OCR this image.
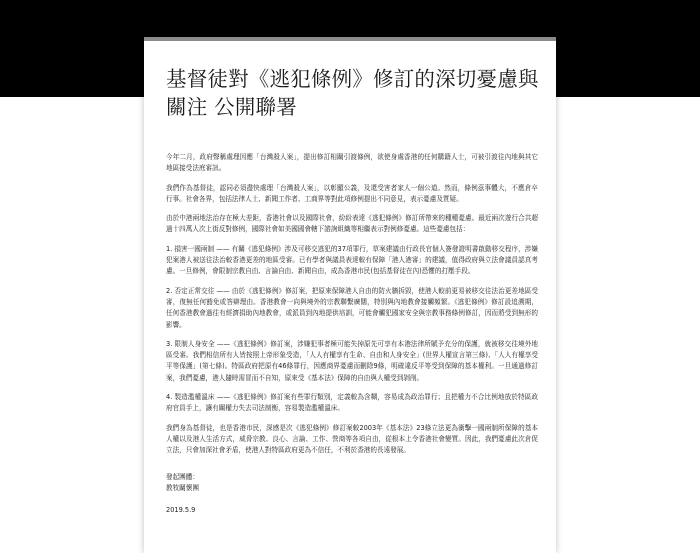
基督徒對《逃犯條例》修訂的深切憂慮與關注 公開聯署

今年二月，政府聲稱處理因應「台灣殺人案」，提出修訂相關引渡條例，欲使身處香港的任何購籍人士，可被引渡往內地與其它地區接受法庭審訊。

我們作為基督徒，認同必須盡快處理「台灣殺人案」，以彰顯公義，及還受害者家人一個公道。然而，條例茲事體大，不應倉卒行事。社會各界，包括法律人士、新聞工作者、工商界等對此項修例提出不同意見，表示憂慮及質疑。

由於中港兩地法治存在極大差距，香港社會以及國際社會，紛紛表達《逃犯條例》修訂所帶來的種種憂慮。最近兩次遊行合共超過十四萬人次上街反對修例，國際社會如美國國會轄下諮詢組織等相繼表示對例修憂慮。這些憂慮包括：

1. 損害一國兩制 —— 有關《逃犯條例》涉及可移交逃犯的37項罪行，草案建議由行政長官個人簽發證明書啟動移交程序，涉嫌犯案港人被送往法治較香港更差的地區受審。已有學者與議員表達較有保障「港人港審」的建議，值得政府與立法會議員認真考慮。一旦修例，會限制宗教自由、言論自由、新聞自由，成為香港市民(包括基督徒在內)恐懼的打壓手段。

2. 否定正常交往 —— 由於《逃犯條例》修訂案，把原來保障港人自由的防火牆拆毀，使港人較前更易被移交往法治更差地區受審，復無任何豁免或答辯理由。香港教會一向與境外的宗教聯繫廣闊，特別與內地教會接觸頻繁。《逃犯條例》修訂設追溯期，任何香港教會過往有經濟捐助內地教會，或派員到內地提供培訓，可能會觸犯國家安全與宗教事務條例修訂，因而將受到無形的影響。

3. 限制人身安全 ——《逃犯條例》修訂案，涉嫌犯事者極可能失掉原先可享有本港法律所賦予充分的保護，就被移交往境外地區受審。我們相信所有人皆按照上帝形象受造，「人人有權享有生命、自由和人身安全」(世界人權宣言第三條)、「人人有權享受平等保護」(第七條)。特區政府把原有46條罪行，因應商界憂慮而刪除9條，明確違反平等受到保障的基本權利。一旦通過修訂案，我們憂慮，港人隨時需冒而不自知，原來受《基本法》保障的自由與人權受到剝削。

4. 製造濫權溫床 ——《逃犯條例》修訂案有些罪行類別，定義較為含糊，容易成為政治罪行；且把權力不合比例地放於特區政府官員手上，讓有關權力失去司法制衡，容易製造濫權溫床。

我們身為基督徒，也是香港市民，深感是次《逃犯條例》修訂案較2003年《基本法》23條立法更為衝擊一國兩制所保障的基本人權以及港人生活方式，威脅宗教、良心、言論、工作、營商等各項自由，從根本上令香港社會變質。因此，我們憂慮此次倉促立法，只會加深社會矛盾，使港人對特區政府更為不信任，不利於香港的長遠發展。

發起團體：
教牧關懷團
2019.5.9
